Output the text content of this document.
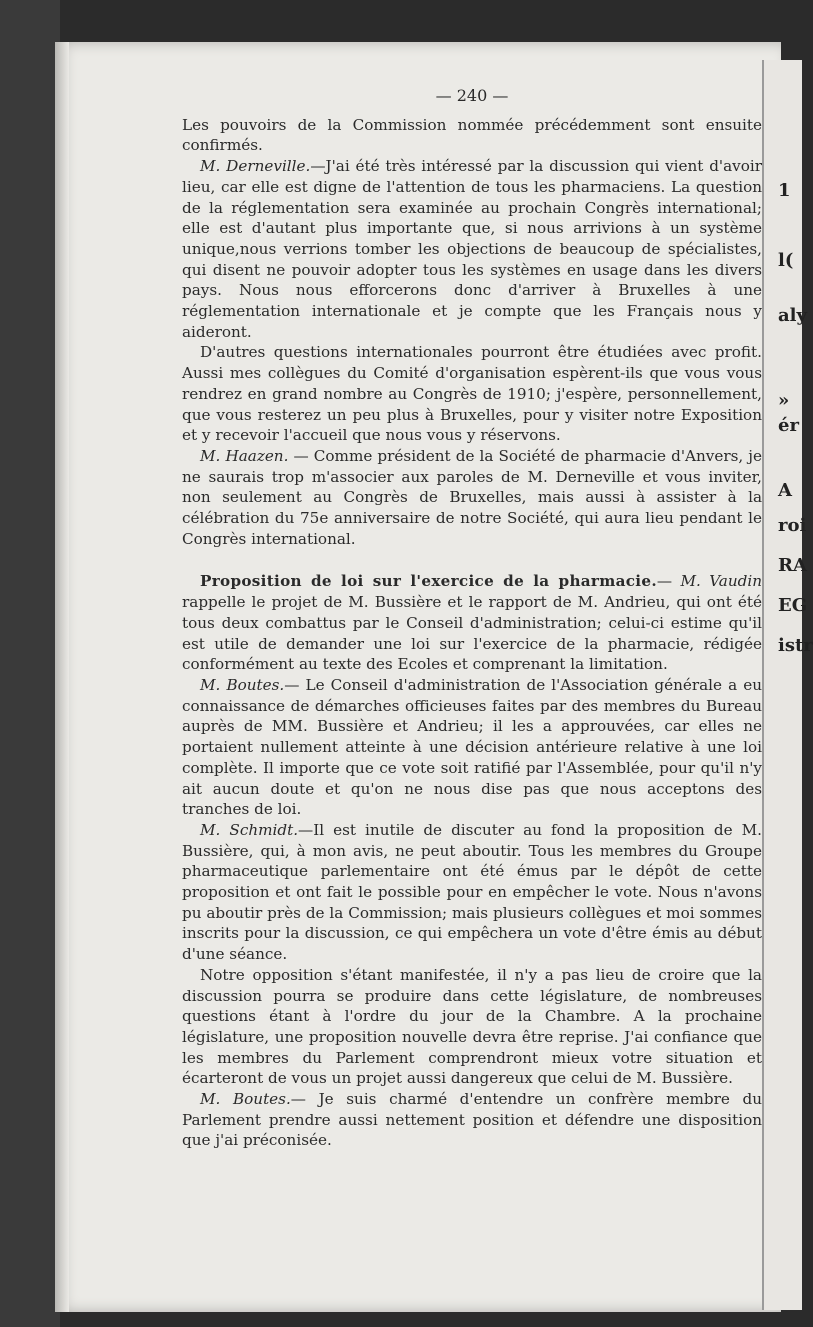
1
l(
aly
»
ér
A
roi
RA
EG
istr
— 240 —

Les pouvoirs de la Commission nommée précédemment sont ensuite confirmés.

M. Derneville.—J'ai été très intéressé par la discussion qui vient d'avoir lieu, car elle est digne de l'attention de tous les pharmaciens. La question de la réglementation sera examinée au prochain Congrès international; elle est d'autant plus importante que, si nous arrivions à un système unique,nous verrions tomber les objections de beaucoup de spécialistes, qui disent ne pouvoir adopter tous les systèmes en usage dans les divers pays. Nous nous efforcerons donc d'arriver à Bruxelles à une réglementation internationale et je compte que les Français nous y aideront.

D'autres questions internationales pourront être étudiées avec profit. Aussi mes collègues du Comité d'organisation espèrent-ils que vous vous rendrez en grand nombre au Congrès de 1910; j'espère, personnellement, que vous resterez un peu plus à Bruxelles, pour y visiter notre Exposition et y recevoir l'accueil que nous vous y réservons.

M. Haazen. — Comme président de la Société de pharmacie d'Anvers, je ne saurais trop m'associer aux paroles de M. Derneville et vous inviter, non seulement au Congrès de Bruxelles, mais aussi à assister à la célébration du 75e anniversaire de notre Société, qui aura lieu pendant le Congrès international.

Proposition de loi sur l'exercice de la pharmacie.— M. Vaudin rappelle le projet de M. Bussière et le rapport de M. Andrieu, qui ont été tous deux combattus par le Conseil d'administration; celui-ci estime qu'il est utile de demander une loi sur l'exercice de la pharmacie, rédigée conformément au texte des Ecoles et comprenant la limitation.

M. Boutes.— Le Conseil d'administration de l'Association générale a eu connaissance de démarches officieuses faites par des membres du Bureau auprès de MM. Bussière et Andrieu; il les a approuvées, car elles ne portaient nullement atteinte à une décision antérieure relative à une loi complète. Il importe que ce vote soit ratifié par l'Assemblée, pour qu'il n'y ait aucun doute et qu'on ne nous dise pas que nous acceptons des tranches de loi.

M. Schmidt.—Il est inutile de discuter au fond la proposition de M. Bussière, qui, à mon avis, ne peut aboutir. Tous les membres du Groupe pharmaceutique parlementaire ont été émus par le dépôt de cette proposition et ont fait le possible pour en empêcher le vote. Nous n'avons pu aboutir près de la Commission; mais plusieurs collègues et moi sommes inscrits pour la discussion, ce qui empêchera un vote d'être émis au début d'une séance.

Notre opposition s'étant manifestée, il n'y a pas lieu de croire que la discussion pourra se produire dans cette législature, de nombreuses questions étant à l'ordre du jour de la Chambre. A la prochaine législature, une proposition nouvelle devra être reprise. J'ai confiance que les membres du Parlement comprendront mieux votre situation et écarteront de vous un projet aussi dangereux que celui de M. Bussière.

M. Boutes.— Je suis charmé d'entendre un confrère membre du Parlement prendre aussi nettement position et défendre une disposition que j'ai préconisée.
